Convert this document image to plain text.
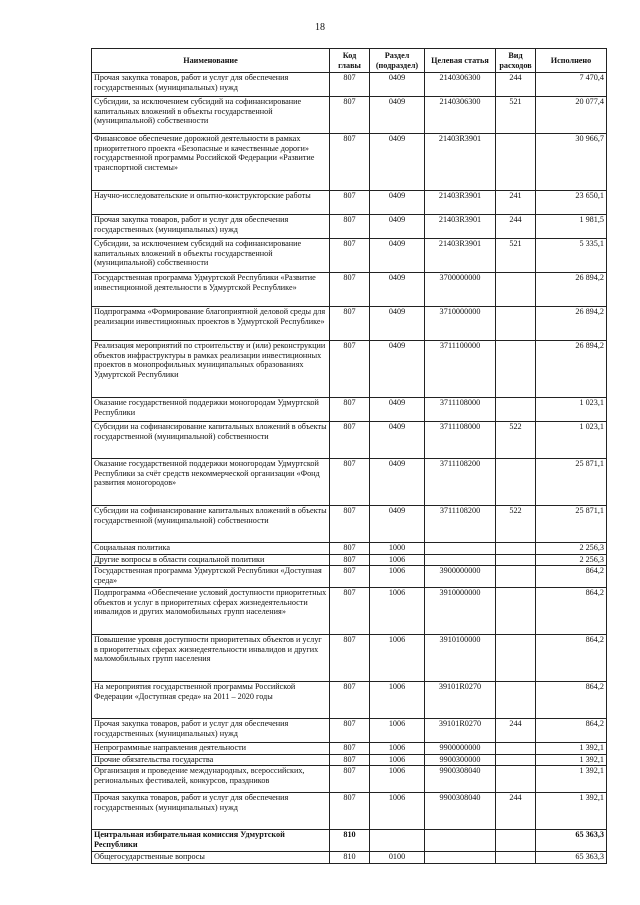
18
Наименование	Код главы	Раздел (подраздел)	Целевая статья	Вид расходов	Исполнено
Прочая закупка товаров, работ и услуг для обеспечения государственных (муниципальных) нужд	807	0409	2140306300	244	7 470,4
Субсидии, за исключением субсидий на софинансирование капитальных вложений в объекты государственной (муниципальной) собственности	807	0409	2140306300	521	20 077,4
Финансовое обеспечение дорожной деятельности в рамках приоритетного проекта «Безопасные и качественные дороги» государственной программы Российской Федерации «Развитие транспортной системы»	807	0409	21403R3901		30 966,7
Научно-исследовательские и опытно-конструкторские работы	807	0409	21403R3901	241	23 650,1
Прочая закупка товаров, работ и услуг для обеспечения государственных (муниципальных) нужд	807	0409	21403R3901	244	1 981,5
Субсидии, за исключением субсидий на софинансирование капитальных вложений в объекты государственной (муниципальной) собственности	807	0409	21403R3901	521	5 335,1
Государственная программа Удмуртской Республики «Развитие инвестиционной деятельности в Удмуртской Республике»	807	0409	3700000000		26 894,2
Подпрограмма «Формирование благоприятной деловой среды для реализации инвестиционных проектов в Удмуртской Республике»	807	0409	3710000000		26 894,2
Реализация мероприятий по строительству и (или) реконструкции объектов инфраструктуры в рамках реализации инвестиционных проектов в монопрофильных муниципальных образованиях Удмуртской Республики	807	0409	3711100000		26 894,2
Оказание государственной поддержки моногородам Удмуртской Республики	807	0409	3711108000		1 023,1
Субсидии на софинансирование капитальных вложений в объекты государственной (муниципальной) собственности	807	0409	3711108000	522	1 023,1
Оказание государственной поддержки моногородам Удмуртской Республики за счёт средств некоммерческой организации «Фонд развития моногородов»	807	0409	3711108200		25 871,1
Субсидии на софинансирование капитальных вложений в объекты государственной (муниципальной) собственности	807	0409	3711108200	522	25 871,1
Социальная политика	807	1000			2 256,3
Другие вопросы в области социальной политики	807	1006			2 256,3
Государственная программа Удмуртской Республики «Доступная среда»	807	1006	3900000000		864,2
Подпрограмма «Обеспечение условий доступности приоритетных объектов и услуг в приоритетных сферах жизнедеятельности инвалидов и других маломобильных групп населения»	807	1006	3910000000		864,2
Повышение уровня доступности приоритетных объектов и услуг в приоритетных сферах жизнедеятельности инвалидов и других маломобильных групп населения	807	1006	3910100000		864,2
На мероприятия государственной программы Российской Федерации «Доступная среда» на 2011 – 2020 годы	807	1006	39101R0270		864,2
Прочая закупка товаров, работ и услуг для обеспечения государственных (муниципальных) нужд	807	1006	39101R0270	244	864,2
Непрограммные направления деятельности	807	1006	9900000000		1 392,1
Прочие обязательства государства	807	1006	9900300000		1 392,1
Организация и проведение международных, всероссийских, региональных фестивалей, конкурсов, праздников	807	1006	9900308040		1 392,1
Прочая закупка товаров, работ и услуг для обеспечения государственных (муниципальных) нужд	807	1006	9900308040	244	1 392,1
Центральная избирательная комиссия Удмуртской Республики	810				65 363,3
Общегосударственные вопросы	810	0100			65 363,3
